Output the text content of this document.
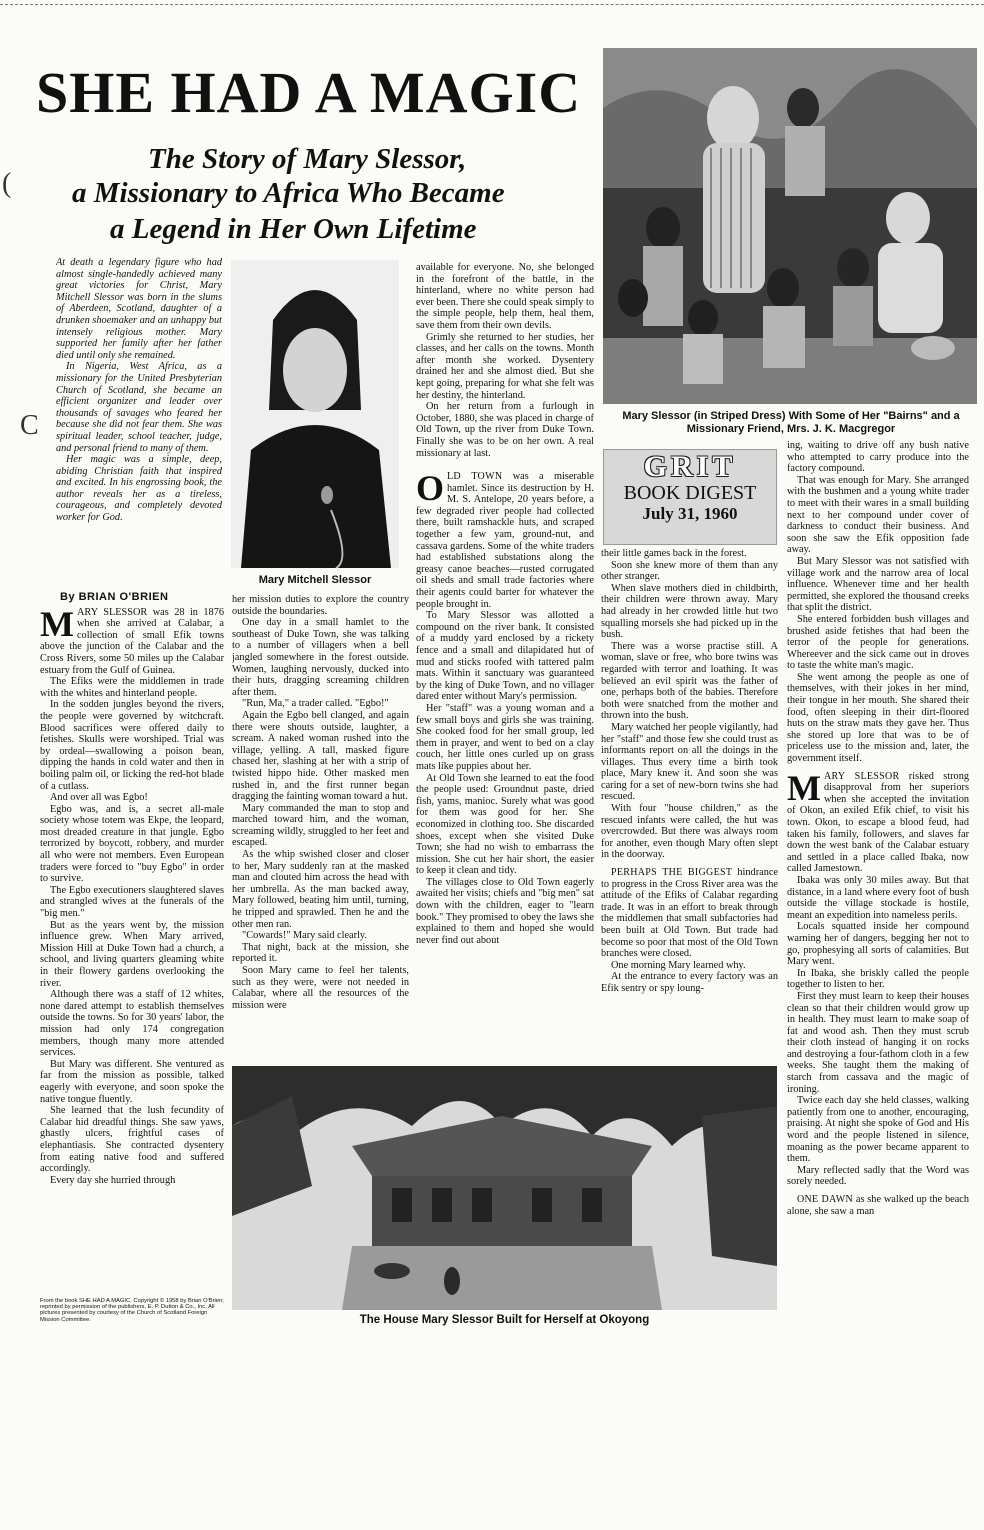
SHE HAD A MAGIC
The Story of Mary Slessor,
a Missionary to Africa Who Became
a Legend in Her Own Lifetime
(
C	Mary Slessor (in Striped Dress) With Some of Her "Bairns" and a Missionary Friend, Mrs. J. K. Macgregor
GRIT
BOOK DIGEST
July 31, 1960

At death a legendary figure who had almost single-handedly achieved many great victories for Christ, Mary Mitchell Slessor was born in the slums of Aberdeen, Scotland, daughter of a drunken shoemaker and an unhappy but intensely religious mother. Mary supported her family after her father died until only she remained.

In Nigeria, West Africa, as a missionary for the United Presbyterian Church of Scotland, she became an efficient organizer and leader over thousands of savages who feared her because she did not fear them. She was spiritual leader, school teacher, judge, and personal friend to many of them.

Her magic was a simple, deep, abiding Christian faith that inspired and excited. In his engrossing book, the author reveals her as a tireless, courageous, and completely devoted worker for God.

Mary Mitchell Slessor
By BRIAN O'BRIEN

MARY SLESSOR was 28 in 1876 when she arrived at Calabar, a collection of small Efik towns above the junction of the Calabar and the Cross Rivers, some 50 miles up the Calabar estuary from the Gulf of Guinea.

The Efiks were the middlemen in trade with the whites and hinterland people.

In the sodden jungles beyond the rivers, the people were governed by witchcraft. Blood sacrifices were offered daily to fetishes. Skulls were worshiped. Trial was by ordeal—swallowing a poison bean, dipping the hands in cold water and then in boiling palm oil, or licking the red-hot blade of a cutlass.

And over all was Egbo!

Egbo was, and is, a secret all-male society whose totem was Ekpe, the leopard, most dreaded creature in that jungle. Egbo terrorized by boycott, robbery, and murder all who were not members. Even European traders were forced to "buy Egbo" in order to survive.

The Egbo executioners slaughtered slaves and strangled wives at the funerals of the "big men."

But as the years went by, the mission influence grew. When Mary arrived, Mission Hill at Duke Town had a church, a school, and living quarters gleaming white in their flowery gardens overlooking the river.

Although there was a staff of 12 whites, none dared attempt to establish themselves outside the towns. So for 30 years' labor, the mission had only 174 congregation members, though many more attended services.

But Mary was different. She ventured as far from the mission as possible, talked eagerly with everyone, and soon spoke the native tongue fluently.

She learned that the lush fecundity of Calabar hid dreadful things. She saw yaws, ghastly ulcers, frightful cases of elephantiasis. She contracted dysentery from eating native food and suffered accordingly.

Every day she hurried through

From the book SHE HAD A MAGIC. Copyright © 1958 by Brian O'Brien; reprinted by permission of the publishers, E. P. Dutton & Co., Inc. All pictures presented by courtesy of the Church of Scotland Foreign Mission Committee.

her mission duties to explore the country outside the boundaries.

One day in a small hamlet to the southeast of Duke Town, she was talking to a number of villagers when a bell jangled somewhere in the forest outside. Women, laughing nervously, ducked into their huts, dragging screaming children after them.

"Run, Ma," a trader called. "Egbo!"

Again the Egbo bell clanged, and again there were shouts outside, laughter, a scream. A naked woman rushed into the village, yelling. A tall, masked figure chased her, slashing at her with a strip of twisted hippo hide. Other masked men rushed in, and the first runner began dragging the fainting woman toward a hut.

Mary commanded the man to stop and marched toward him, and the woman, screaming wildly, struggled to her feet and escaped.

As the whip swished closer and closer to her, Mary suddenly ran at the masked man and clouted him across the head with her umbrella. As the man backed away, Mary followed, beating him until, turning, he tripped and sprawled. Then he and the other men ran.

"Cowards!" Mary said clearly.

That night, back at the mission, she reported it.

Soon Mary came to feel her talents, such as they were, were not needed in Calabar, where all the resources of the mission were

available for everyone. No, she belonged in the forefront of the battle, in the hinterland, where no white person had ever been. There she could speak simply to the simple people, help them, heal them, save them from their own devils.

Grimly she returned to her studies, her classes, and her calls on the towns. Month after month she worked. Dysentery drained her and she almost died. But she kept going, preparing for what she felt was her destiny, the hinterland.

On her return from a furlough in October, 1880, she was placed in charge of Old Town, up the river from Duke Town. Finally she was to be on her own. A real missionary at last.

OLD TOWN was a miserable hamlet. Since its destruction by H. M. S. Antelope, 20 years before, a few degraded river people had collected there, built ramshackle huts, and scraped together a few yam, ground-nut, and cassava gardens. Some of the white traders had established substations along the greasy canoe beaches—rusted corrugated oil sheds and small trade factories where their agents could barter for whatever the people brought in.

To Mary Slessor was allotted a compound on the river bank. It consisted of a muddy yard enclosed by a rickety fence and a small and dilapidated hut of mud and sticks roofed with tattered palm mats. Within it sanctuary was guaranteed by the king of Duke Town, and no villager dared enter without Mary's permission.

Her "staff" was a young woman and a few small boys and girls she was training. She cooked food for her small group, led them in prayer, and went to bed on a clay couch, her little ones curled up on grass mats like puppies about her.

At Old Town she learned to eat the food the people used: Groundnut paste, dried fish, yams, manioc. Surely what was good for them was good for her. She economized in clothing too. She discarded shoes, except when she visited Duke Town; she had no wish to embarrass the mission. She cut her hair short, the easier to keep it clean and tidy.

The villages close to Old Town eagerly awaited her visits; chiefs and "big men" sat down with the children, eager to "learn book." They promised to obey the laws she explained to them and hoped she would never find out about

their little games back in the forest.

Soon she knew more of them than any other stranger.

When slave mothers died in childbirth, their children were thrown away. Mary had already in her crowded little hut two squalling morsels she had picked up in the bush.

There was a worse practise still. A woman, slave or free, who bore twins was regarded with terror and loathing. It was believed an evil spirit was the father of one, perhaps both of the babies. Therefore both were snatched from the mother and thrown into the bush.

Mary watched her people vigilantly, had her "staff" and those few she could trust as informants report on all the doings in the villages. Thus every time a birth took place, Mary knew it. And soon she was caring for a set of new-born twins she had rescued.

With four "house children," as the rescued infants were called, the hut was overcrowded. But there was always room for another, even though Mary often slept in the doorway.

PERHAPS THE BIGGEST hindrance to progress in the Cross River area was the attitude of the Efiks of Calabar regarding trade. It was in an effort to break through the middlemen that small subfactories had been built at Old Town. But trade had become so poor that most of the Old Town branches were closed.

One morning Mary learned why.

At the entrance to every factory was an Efik sentry or spy loung-

ing, waiting to drive off any bush native who attempted to carry produce into the factory compound.

That was enough for Mary. She arranged with the bushmen and a young white trader to meet with their wares in a small building next to her compound under cover of darkness to conduct their business. And soon she saw the Efik opposition fade away.

But Mary Slessor was not satisfied with village work and the narrow area of local influence. Whenever time and her health permitted, she explored the thousand creeks that split the district.

She entered forbidden bush villages and brushed aside fetishes that had been the terror of the people for generations. Whereever and the sick came out in droves to taste the white man's magic.

She went among the people as one of themselves, with their jokes in her mind, their tongue in her mouth. She shared their food, often sleeping in their dirt-floored huts on the straw mats they gave her. Thus she stored up lore that was to be of priceless use to the mission and, later, the government itself.

MARY SLESSOR risked strong disapproval from her superiors when she accepted the invitation of Okon, an exiled Efik chief, to visit his town. Okon, to escape a blood feud, had taken his family, followers, and slaves far down the west bank of the Calabar estuary and settled in a place called Ibaka, now called Jamestown.

Ibaka was only 30 miles away. But that distance, in a land where every foot of bush outside the village stockade is hostile, meant an expedition into nameless perils.

Locals squatted inside her compound warning her of dangers, begging her not to go, prophesying all sorts of calamities. But Mary went.

In Ibaka, she briskly called the people together to listen to her.

First they must learn to keep their houses clean so that their children would grow up in health. They must learn to make soap of fat and wood ash. Then they must scrub their cloth instead of hanging it on rocks and destroying a four-fathom cloth in a few weeks. She taught them the making of starch from cassava and the magic of ironing.

Twice each day she held classes, walking patiently from one to another, encouraging, praising. At night she spoke of God and His word and the people listened in silence, moaning as the power became apparent to them.

Mary reflected sadly that the Word was sorely needed.

ONE DAWN as she walked up the beach alone, she saw a man

The House Mary Slessor Built for Herself at Okoyong
